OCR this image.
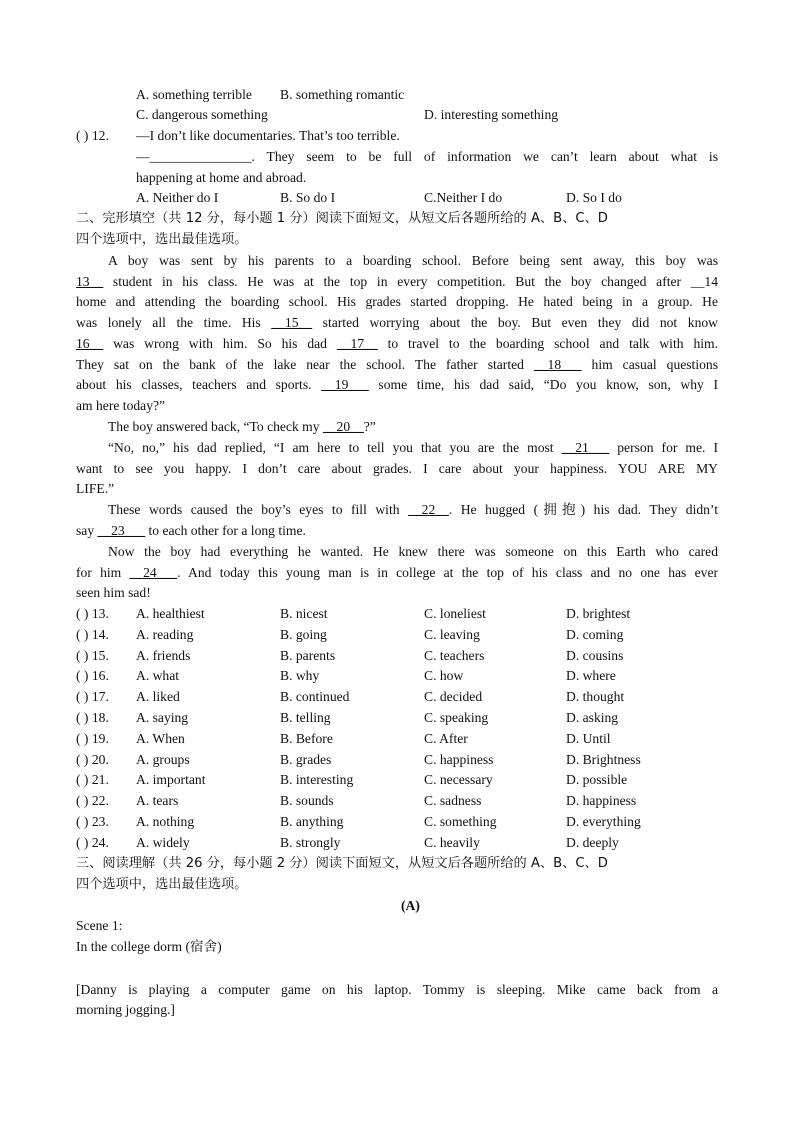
A. something terrible B. something romantic
C. dangerous something	D. interesting something
( ) 12. —I don’t like documentaries. That’s too terrible.
— _______________ . They seem to be full of information we can’t learn about what is
happening at home and abroad.
A. Neither do I	B. So do I	C.Neither I do	D. So I do
二、完形填空（共 12 分，每小题 1 分）阅读下面短文，从短文后各题所给的 A、B、C、D
四个选项中，选出最佳选项。
A boy was sent by his parents to a boarding school. Before being sent away, this boy was
13__ student in his class. He was at the top in every competition. But the boy changed after __14
home and attending the boarding school. His grades started dropping. He hated being in a group. He
was lonely all the time. His __15__ started worrying about the boy. But even they did not know
16__ was wrong with him. So his dad __17__ to travel to the boarding school and talk with him.
They sat on the bank of the lake near the school. The father started __18___ him casual questions
about his classes, teachers and sports. __19___ some time, his dad said, “Do you know, son, why I
am here today?”
The boy answered back, “To check my __20__?”
“No, no,” his dad replied, “I am here to tell you that you are the most __21___ person for me. I
want to see you happy. I don’t care about grades. I care about your happiness. YOU ARE MY
LIFE.”
These words caused the boy’s eyes to fill with __22__. He hugged (拥抱) his dad. They didn’t
say __23___ to each other for a long time.
Now the boy had everything he wanted. He knew there was someone on this Earth who cared
for him __24___. And today this young man is in college at the top of his class and no one has ever
seen him sad!
( ) 13. A. healthiest	B. nicest	C. loneliest	D. brightest
( ) 14. A. reading	B. going	C. leaving	D. coming
( ) 15. A. friends	B. parents	C. teachers	D. cousins
( ) 16. A. what	B. why	C. how	D. where
( ) 17. A. liked	B. continued	C. decided	D. thought
( ) 18. A. saying	B. telling	C. speaking	D. asking
( ) 19. A. When	B. Before	C. After	D. Until
( ) 20. A. groups	B. grades	C. happiness	D. Brightness
( ) 21. A. important	B. interesting	C. necessary	D. possible
( ) 22. A. tears	B. sounds	C. sadness	D. happiness
( ) 23. A. nothing	B. anything	C. something	D. everything
( ) 24. A. widely	B. strongly	C. heavily	D. deeply
三、阅读理解（共 26 分，每小题 2 分）阅读下面短文，从短文后各题所给的 A、B、C、D
四个选项中，选出最佳选项。
(A)
Scene 1:
In the college dorm (宿舍)
[Danny is playing a computer game on his laptop. Tommy is sleeping. Mike came back from a
morning jogging.]
